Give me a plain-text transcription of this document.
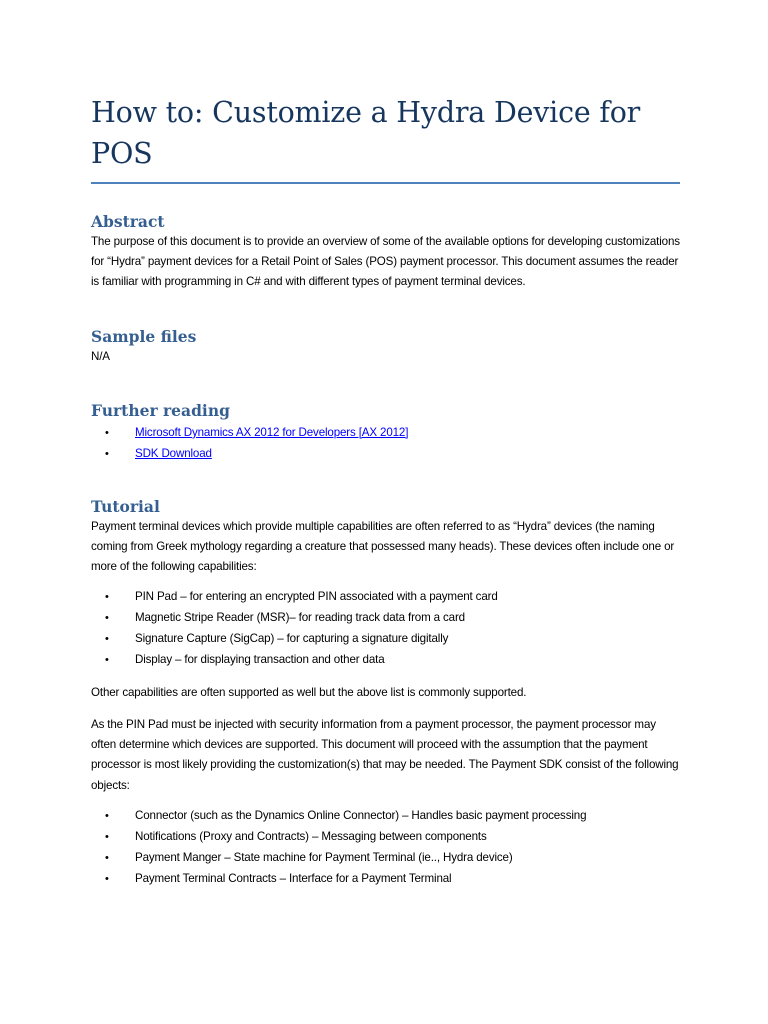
How to: Customize a Hydra Device for POS
Abstract

The purpose of this document is to provide an overview of some of the available options for developing customizations for “Hydra” payment devices for a Retail Point of Sales (POS) payment processor. This document assumes the reader is familiar with programming in C# and with different types of payment terminal devices.

Sample files

N/A

Further reading
• Microsoft Dynamics AX 2012 for Developers [AX 2012]
• SDK Download
Tutorial

Payment terminal devices which provide multiple capabilities are often referred to as “Hydra” devices (the naming coming from Greek mythology regarding a creature that possessed many heads). These devices often include one or more of the following capabilities:

• PIN Pad – for entering an encrypted PIN associated with a payment card
• Magnetic Stripe Reader (MSR)– for reading track data from a card
• Signature Capture (SigCap) – for capturing a signature digitally
• Display – for displaying transaction and other data

Other capabilities are often supported as well but the above list is commonly supported.

As the PIN Pad must be injected with security information from a payment processor, the payment processor may often determine which devices are supported. This document will proceed with the assumption that the payment processor is most likely providing the customization(s) that may be needed. The Payment SDK consist of the following objects:

• Connector (such as the Dynamics Online Connector) – Handles basic payment processing
• Notifications (Proxy and Contracts) – Messaging between components
• Payment Manger – State machine for Payment Terminal (ie.., Hydra device)
• Payment Terminal Contracts – Interface for a Payment Terminal
